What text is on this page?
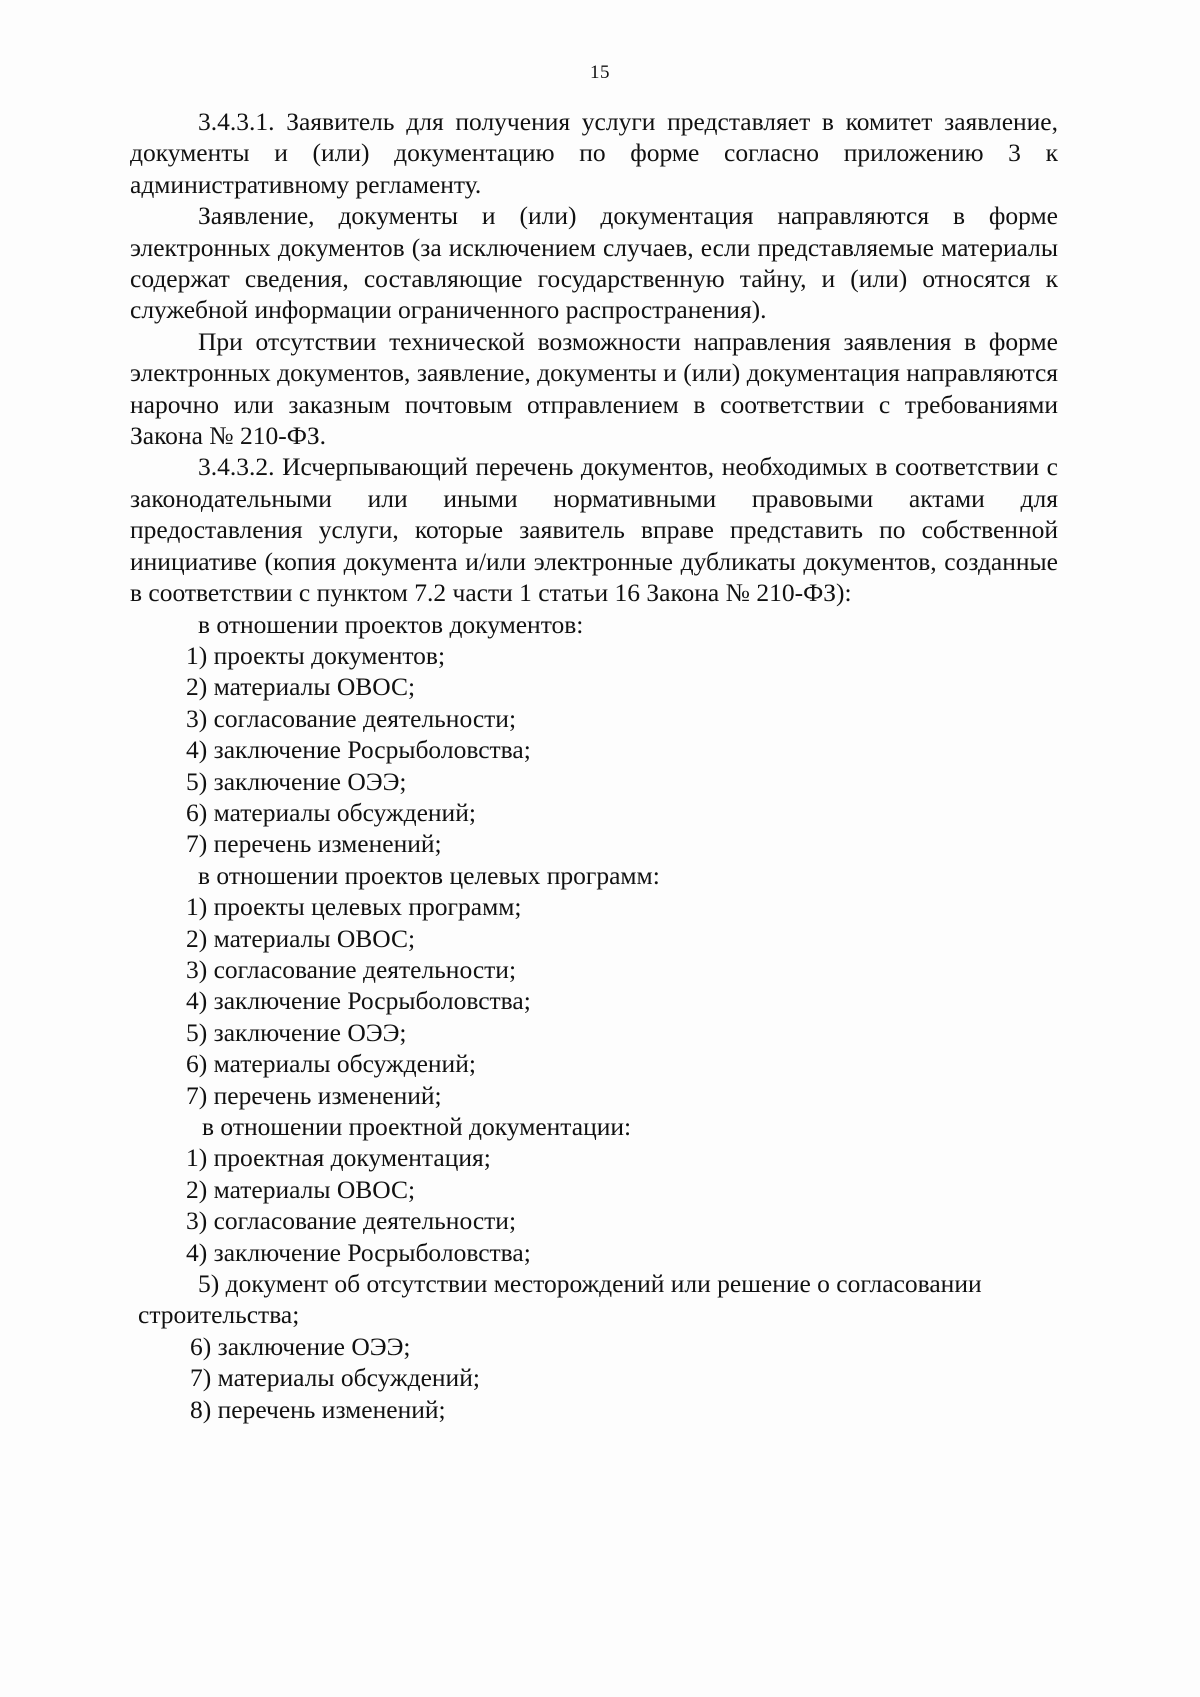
15

3.4.3.1. Заявитель для получения услуги представляет в комитет заявление, документы и (или) документацию по форме согласно приложению 3 к административному регламенту.

Заявление, документы и (или) документация направляются в форме электронных документов (за исключением случаев, если представляемые материалы содержат сведения, составляющие государственную тайну, и (или) относятся к служебной информации ограниченного распространения).

При отсутствии технической возможности направления заявления в форме электронных документов, заявление, документы и (или) документация направляются нарочно или заказным почтовым отправлением в соответствии с требованиями Закона № 210-ФЗ.

3.4.3.2. Исчерпывающий перечень документов, необходимых в соответствии с законодательными или иными нормативными правовыми актами для предоставления услуги, которые заявитель вправе представить по собственной инициативе (копия документа и/или электронные дубликаты документов, созданные в соответствии с пунктом 7.2 части 1 статьи 16 Закона № 210-ФЗ):

в отношении проектов документов:

1) проекты документов;
2) материалы ОВОС;
3) согласование деятельности;
4) заключение Росрыболовства;
5) заключение ОЭЭ;
6) материалы обсуждений;
7) перечень изменений;

в отношении проектов целевых программ:

1) проекты целевых программ;
2) материалы ОВОС;
3) согласование деятельности;
4) заключение Росрыболовства;
5) заключение ОЭЭ;
6) материалы обсуждений;
7) перечень изменений;

в отношении проектной документации:

1) проектная документация;
2) материалы ОВОС;
3) согласование деятельности;
4) заключение Росрыболовства;
5) документ об отсутствии месторождений или решение о согласовании строительства;
6) заключение ОЭЭ;
7) материалы обсуждений;
8) перечень изменений;
